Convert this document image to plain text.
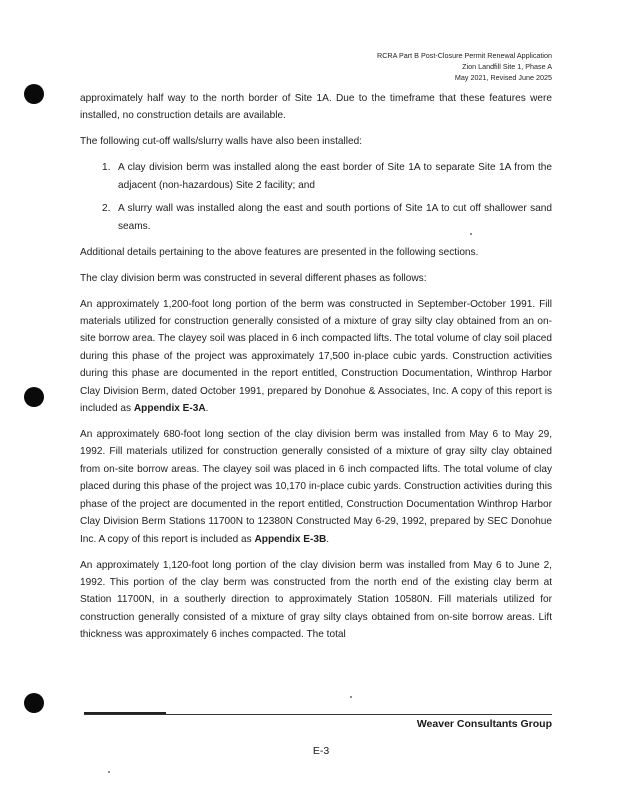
RCRA Part B Post-Closure Permit Renewal Application
Zion Landfill Site 1, Phase A
May 2021, Revised June 2025

approximately half way to the north border of Site 1A. Due to the timeframe that these features were installed, no construction details are available.

The following cut-off walls/slurry walls have also been installed:

1. A clay division berm was installed along the east border of Site 1A to separate Site 1A from the adjacent (non-hazardous) Site 2 facility; and
2. A slurry wall was installed along the east and south portions of Site 1A to cut off shallower sand seams.

Additional details pertaining to the above features are presented in the following sections.

The clay division berm was constructed in several different phases as follows:

An approximately 1,200-foot long portion of the berm was constructed in September-October 1991. Fill materials utilized for construction generally consisted of a mixture of gray silty clay obtained from an on-site borrow area. The clayey soil was placed in 6 inch compacted lifts. The total volume of clay soil placed during this phase of the project was approximately 17,500 in-place cubic yards. Construction activities during this phase are documented in the report entitled, Construction Documentation, Winthrop Harbor Clay Division Berm, dated October 1991, prepared by Donohue & Associates, Inc. A copy of this report is included as Appendix E-3A.

An approximately 680-foot long section of the clay division berm was installed from May 6 to May 29, 1992. Fill materials utilized for construction generally consisted of a mixture of gray silty clay obtained from on-site borrow areas. The clayey soil was placed in 6 inch compacted lifts. The total volume of clay placed during this phase of the project was 10,170 in-place cubic yards. Construction activities during this phase of the project are documented in the report entitled, Construction Documentation Winthrop Harbor Clay Division Berm Stations 11700N to 12380N Constructed May 6-29, 1992, prepared by SEC Donohue Inc. A copy of this report is included as Appendix E-3B.

An approximately 1,120-foot long portion of the clay division berm was installed from May 6 to June 2, 1992. This portion of the clay berm was constructed from the north end of the existing clay berm at Station 11700N, in a southerly direction to approximately Station 10580N. Fill materials utilized for construction generally consisted of a mixture of gray silty clays obtained from on-site borrow areas. Lift thickness was approximately 6 inches compacted. The total

Weaver Consultants Group
E-3
